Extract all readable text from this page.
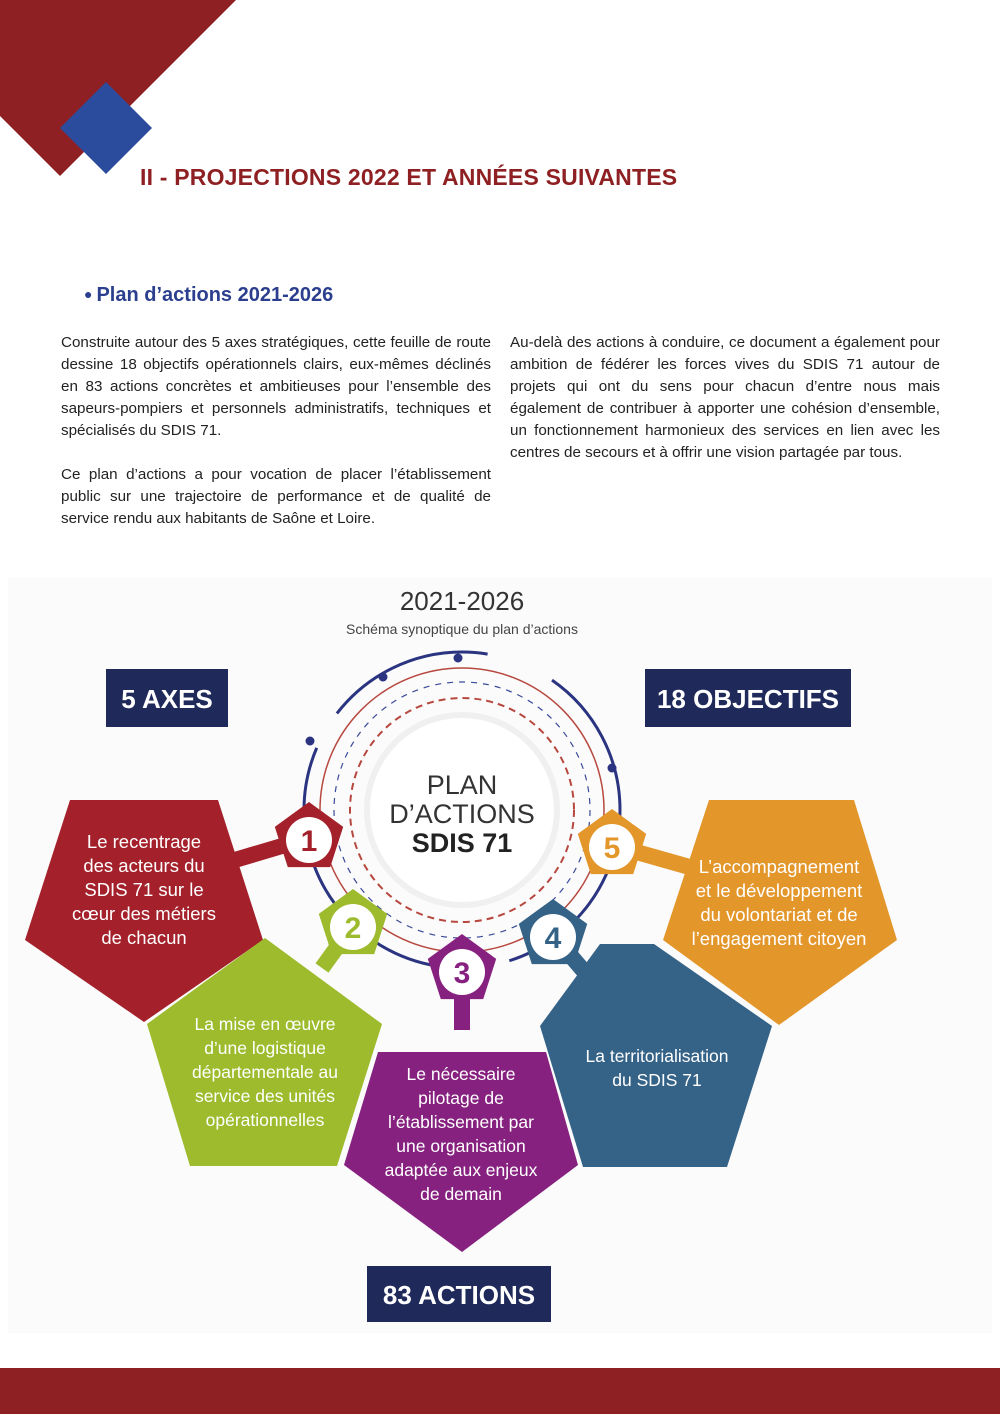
II - PROJECTIONS 2022 ET ANNÉES SUIVANTES
● Plan d’actions 2021-2026

Construite autour des 5 axes stratégiques, cette feuille de route dessine 18 objectifs opérationnels clairs, eux-mêmes déclinés en 83 actions concrètes et ambitieuses pour l’ensemble des sapeurs-pompiers et personnels administratifs, techniques et spécialisés du SDIS 71.

Ce plan d’actions a pour vocation de placer l’établissement public sur une trajectoire de performance et de qualité de service rendu aux habitants de Saône et Loire.

Au-delà des actions à conduire, ce document a également pour ambition de fédérer les forces vives du SDIS 71 autour de projets qui ont du sens pour chacun d’entre nous mais également de contribuer à apporter une cohésion d’ensemble, un fonctionnement harmonieux des services en lien avec les centres de secours et à offrir une vision partagée par tous.

2021-2026
Schéma synoptique du plan d’actions
PLAN
D’ACTIONS
SDIS 71
5 AXES	18 OBJECTIFS
83 ACTIONS
1
Le recentrage
des acteurs du
SDIS 71 sur le
cœur des métiers
de chacun	2
La mise en œuvre
d’une logistique
départementale au
service des unités
opérationnelles
3
Le nécessaire
pilotage de
l’établissement par
une organisation
adaptée aux enjeux
de demain
4
La territorialisation
du SDIS 71
5
L’accompagnement
et le développement
du volontariat et de
l’engagement citoyen
